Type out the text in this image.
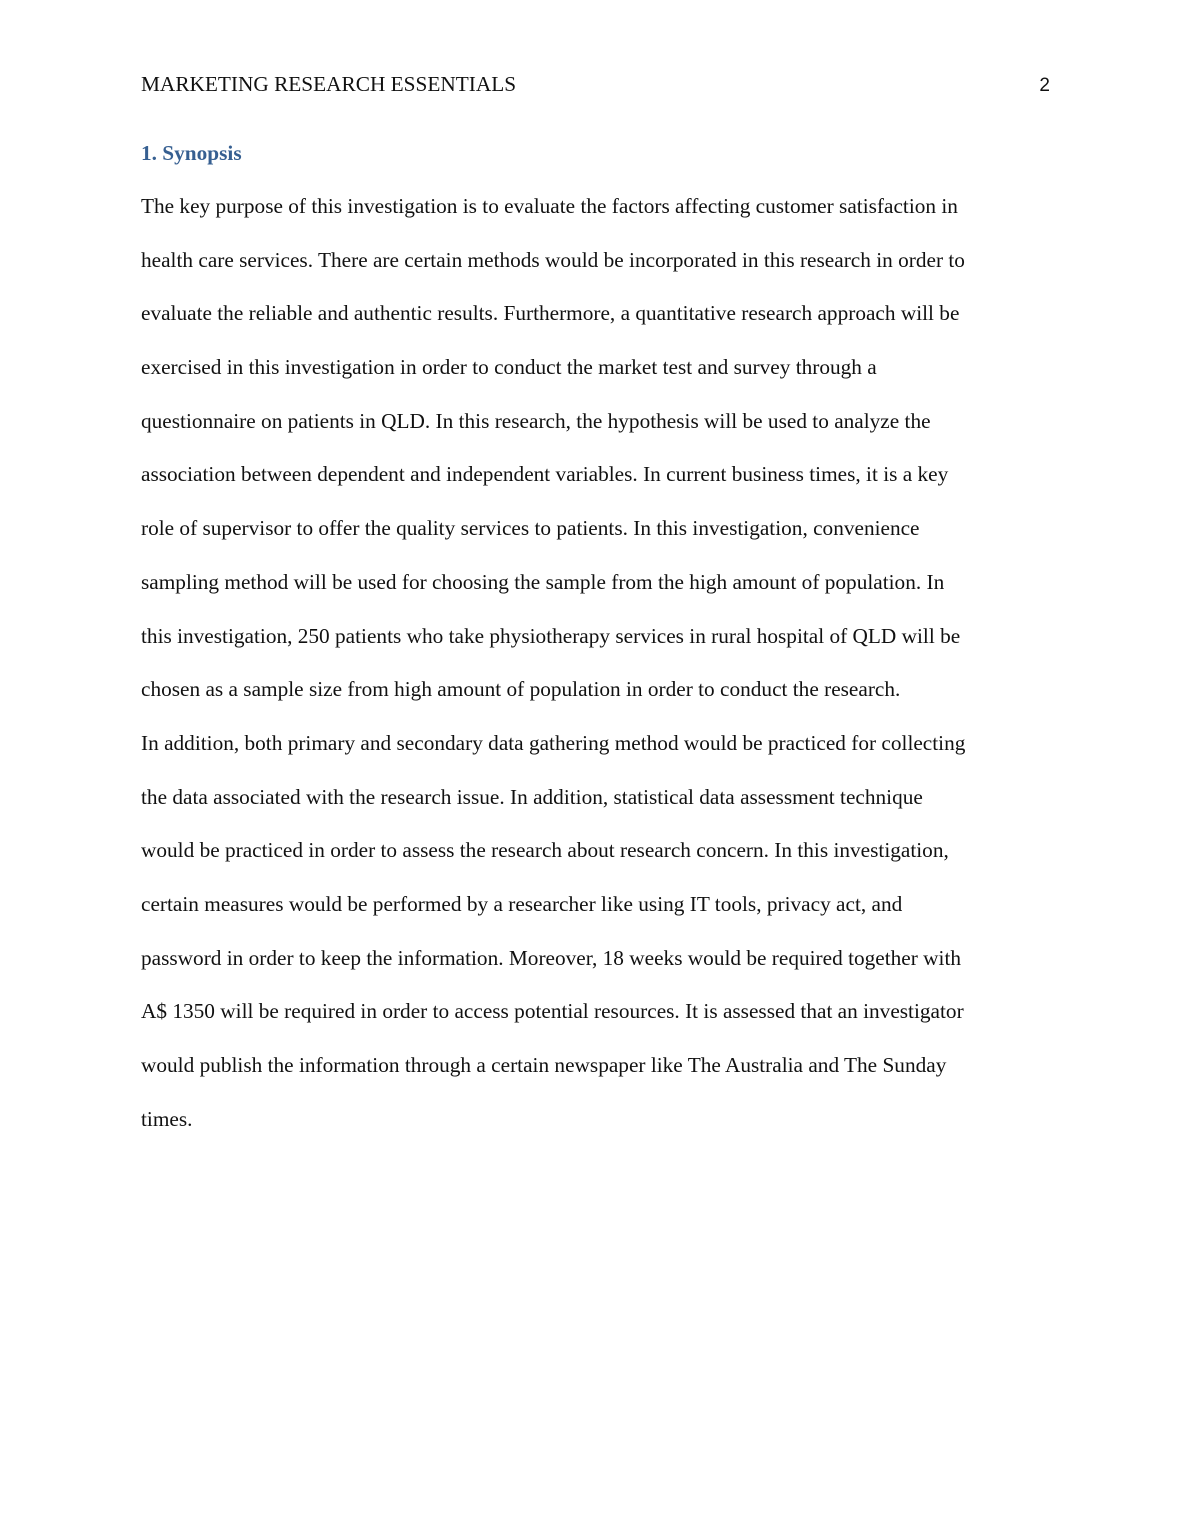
MARKETING RESEARCH ESSENTIALS	2
1. Synopsis
The key purpose of this investigation is to evaluate the factors affecting customer satisfaction in
health care services. There are certain methods would be incorporated in this research in order to
evaluate the reliable and authentic results. Furthermore, a quantitative research approach will be
exercised in this investigation in order to conduct the market test and survey through a
questionnaire on patients in QLD. In this research, the hypothesis will be used to analyze the
association between dependent and independent variables. In current business times, it is a key
role of supervisor to offer the quality services to patients. In this investigation, convenience
sampling method will be used for choosing the sample from the high amount of population. In
this investigation, 250 patients who take physiotherapy services in rural hospital of QLD will be
chosen as a sample size from high amount of population in order to conduct the research.
In addition, both primary and secondary data gathering method would be practiced for collecting
the data associated with the research issue. In addition, statistical data assessment technique
would be practiced in order to assess the research about research concern. In this investigation,
certain measures would be performed by a researcher like using IT tools, privacy act, and
password in order to keep the information. Moreover, 18 weeks would be required together with
A$ 1350 will be required in order to access potential resources. It is assessed that an investigator
would publish the information through a certain newspaper like The Australia and The Sunday
times.
